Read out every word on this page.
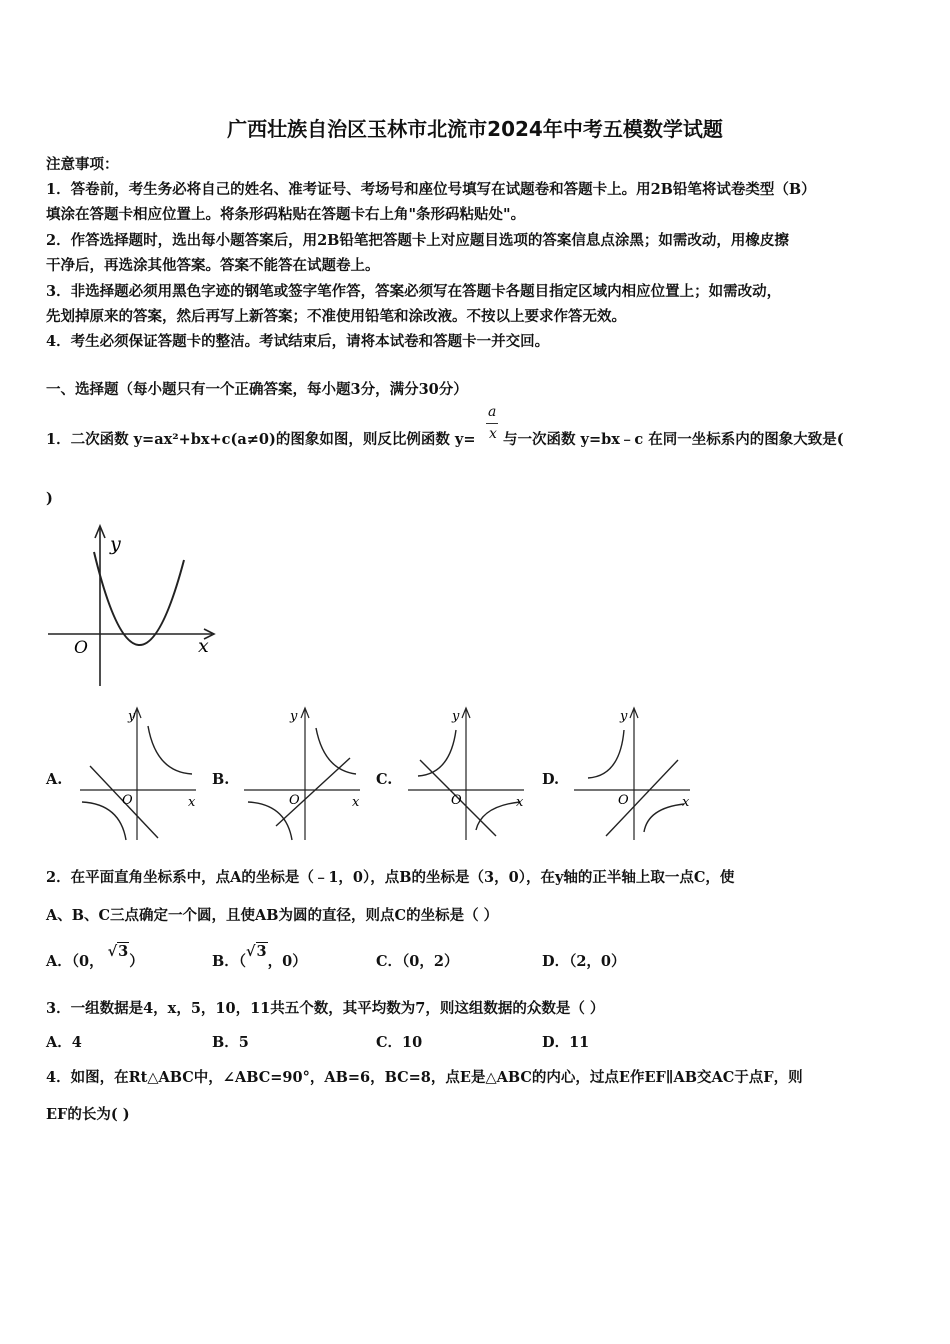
广西壮族自治区玉林市北流市2024年中考五模数学试题
注意事项：
1．答卷前，考生务必将自己的姓名、准考证号、考场号和座位号填写在试题卷和答题卡上。用2B铅笔将试卷类型（B）
填涂在答题卡相应位置上。将条形码粘贴在答题卡右上角"条形码粘贴处"。
2．作答选择题时，选出每小题答案后，用2B铅笔把答题卡上对应题目选项的答案信息点涂黑；如需改动，用橡皮擦
干净后，再选涂其他答案。答案不能答在试题卷上。
3．非选择题必须用黑色字迹的钢笔或签字笔作答，答案必须写在答题卡各题目指定区域内相应位置上；如需改动，
先划掉原来的答案，然后再写上新答案；不准使用铅笔和涂改液。不按以上要求作答无效。
4．考生必须保证答题卡的整洁。考试结束后，请将本试卷和答题卡一并交回。
一、选择题（每小题只有一个正确答案，每小题3分，满分30分）
1．二次函数 y=ax²+bx+c(a≠0)的图象如图，则反比例函数 y=
a
x 与一次函数 y=bx﹣c 在同一坐标系内的图象大致是(
)
y
x
O
A.
y
x
O
B.
y
x
O
C.
y
x
O
D.
y
x
O
2．在平面直角坐标系中，点A的坐标是（﹣1，0），点B的坐标是（3，0），在y轴的正半轴上取一点C，使
A、B、C三点确定一个圆，且使AB为圆的直径，则点C的坐标是（ ）
A．（0，√3）	B．（√3，0）	C．（0，2）	D．（2，0）
3．一组数据是4，x，5，10，11共五个数，其平均数为7，则这组数据的众数是（ ）
A．4	B．5	C．10	D．11
4．如图，在Rt△ABC中，∠ABC=90°，AB=6，BC=8，点E是△ABC的内心，过点E作EF∥AB交AC于点F，则
EF的长为( )
